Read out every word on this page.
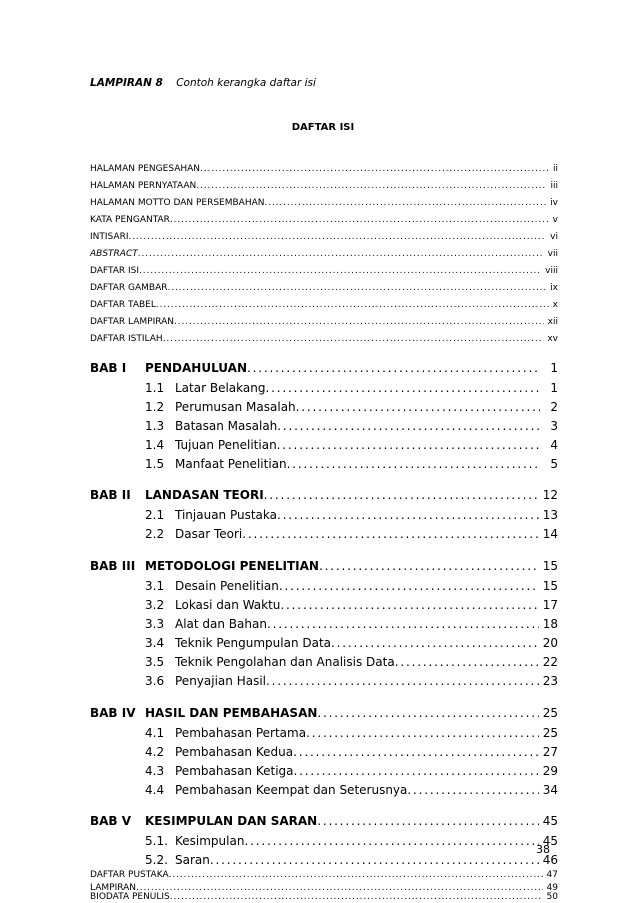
LAMPIRAN 8 Contoh kerangka daftar isi
DAFTAR ISI
HALAMAN PENGESAHAN . . .	ii
HALAMAN PERNYATAAN . . .	iii
HALAMAN MOTTO DAN PERSEMBAHAN . . .	iv
KATA PENGANTAR . . .	v
INTISARI . . .	vi
ABSTRACT . . .	vii
DAFTAR ISI . . .	viii
DAFTAR GAMBAR . . .	ix
DAFTAR TABEL . . .	x
DAFTAR LAMPIRAN . . .	xii
DAFTAR ISTILAH . . .	xv
BAB I	PENDAHULUAN . . .	1
1.1 Latar Belakang . . .	1
1.2 Perumusan Masalah . . .	2
1.3 Batasan Masalah . . .	3
1.4 Tujuan Penelitian . . .	4
1.5 Manfaat Penelitian . . .	5
BAB II	LANDASAN TEORI . . .	12
2.1 Tinjauan Pustaka . . .	13
2.2 Dasar Teori . . .	14
BAB III METODOLOGI PENELITIAN . . .	15
3.1 Desain Penelitian . . .	15
3.2 Lokasi dan Waktu . . .	17
3.3 Alat dan Bahan . . .	18
3.4 Teknik Pengumpulan Data . . .	20
3.5 Teknik Pengolahan dan Analisis Data . . .	22
3.6 Penyajian Hasil . . .	23
BAB IV HASIL DAN PEMBAHASAN . . .	25
4.1 Pembahasan Pertama . . .	25
4.2 Pembahasan Kedua . . .	27
4.3 Pembahasan Ketiga . . .	29
4.4 Pembahasan Keempat dan Seterusnya . . .	34
BAB V	KESIMPULAN DAN SARAN . . .	45
5.1. Kesimpulan . . .	45
5.2. Saran . . .	46
DAFTAR PUSTAKA . . .	47
LAMPIRAN . . .	49
BIODATA PENULIS . . .	50
38
